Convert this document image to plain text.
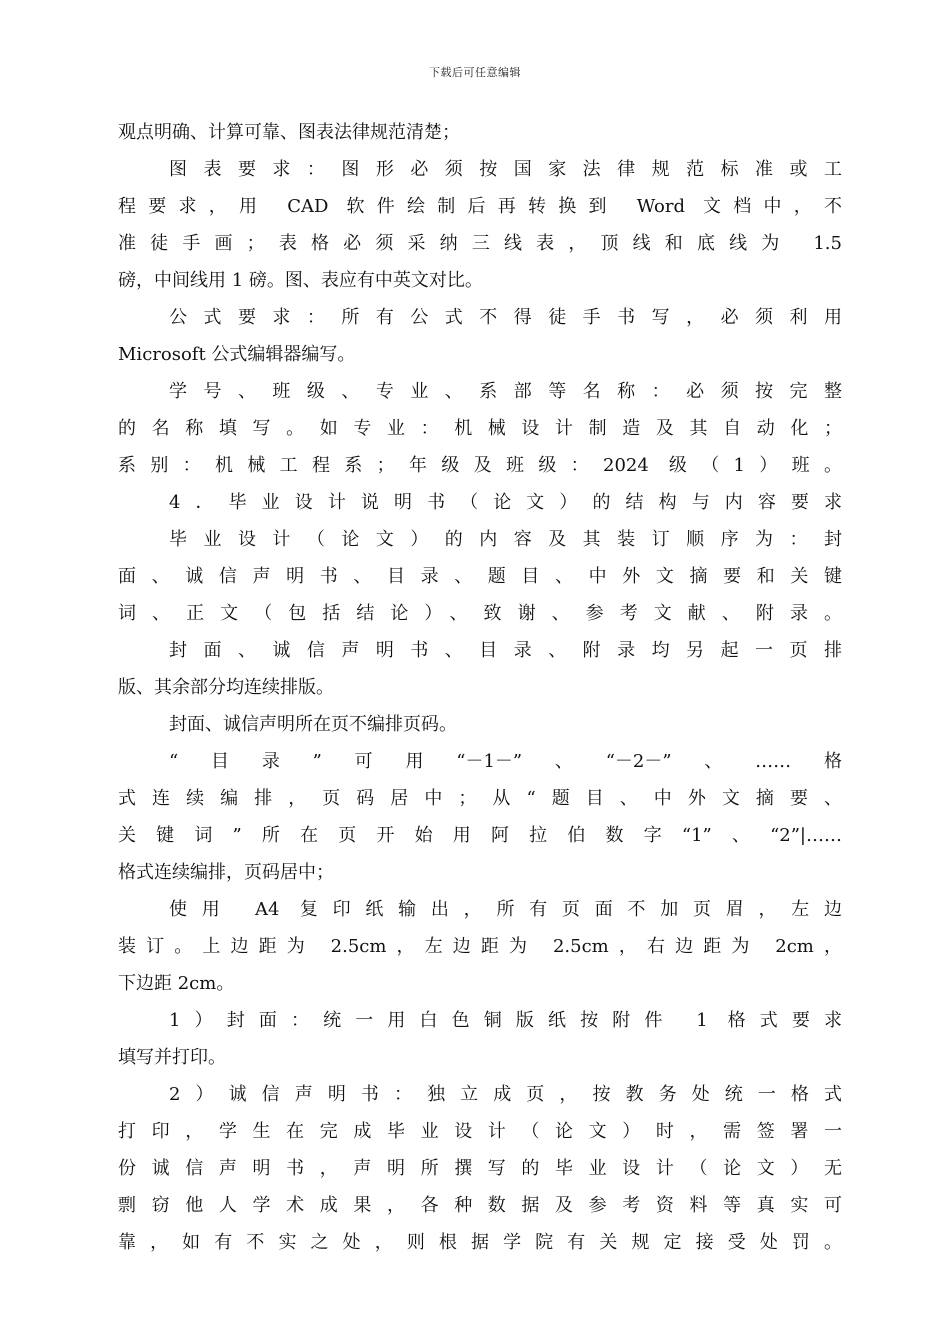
下载后可任意编辑
观点明确、计算可靠、图表法律规范清楚；
图表要求：图形必须按国家法律规范标准或工
程要求，用 CAD 软件绘制后再转换到 Word 文档中，不
准徒手画；表格必须采纳三线表，顶线和底线为 1.5
磅，中间线用 1 磅。图、表应有中英文对比。
公式要求：所有公式不得徒手书写，必须利用
Microsoft 公式编辑器编写。
学号、班级、专业、系部等名称：必须按完整
的名称填写。如专业：机械设计制造及其自动化；
系别：机械工程系；年级及班级：2024 级（1）班。
4．毕业设计说明书（论文）的结构与内容要求
毕业设计（论文）的内容及其装订顺序为：封
面、诚信声明书、目录、题目、中外文摘要和关键
词、正文（包括结论）、致谢、参考文献、附录。
封面、诚信声明书、目录、附录均另起一页排
版、其余部分均连续排版。
封面、诚信声明所在页不编排页码。
“目录”可用“－1－”、“－2－”、……格
式连续编排，页码居中；从“题目、中外文摘要、
关键词”所在页开始用阿拉伯数字“1”、“2”|……
格式连续编排，页码居中；
使用 A4 复印纸输出，所有页面不加页眉，左边
装订。上边距为 2.5cm，左边距为 2.5cm，右边距为 2cm，
下边距 2cm。
1）封面：统一用白色铜版纸按附件 1 格式要求
填写并打印。
2）诚信声明书：独立成页，按教务处统一格式
打印，学生在完成毕业设计（论文）时，需签署一
份诚信声明书，声明所撰写的毕业设计（论文）无
剽窃他人学术成果，各种数据及参考资料等真实可
靠，如有不实之处，则根据学院有关规定接受处罚。
